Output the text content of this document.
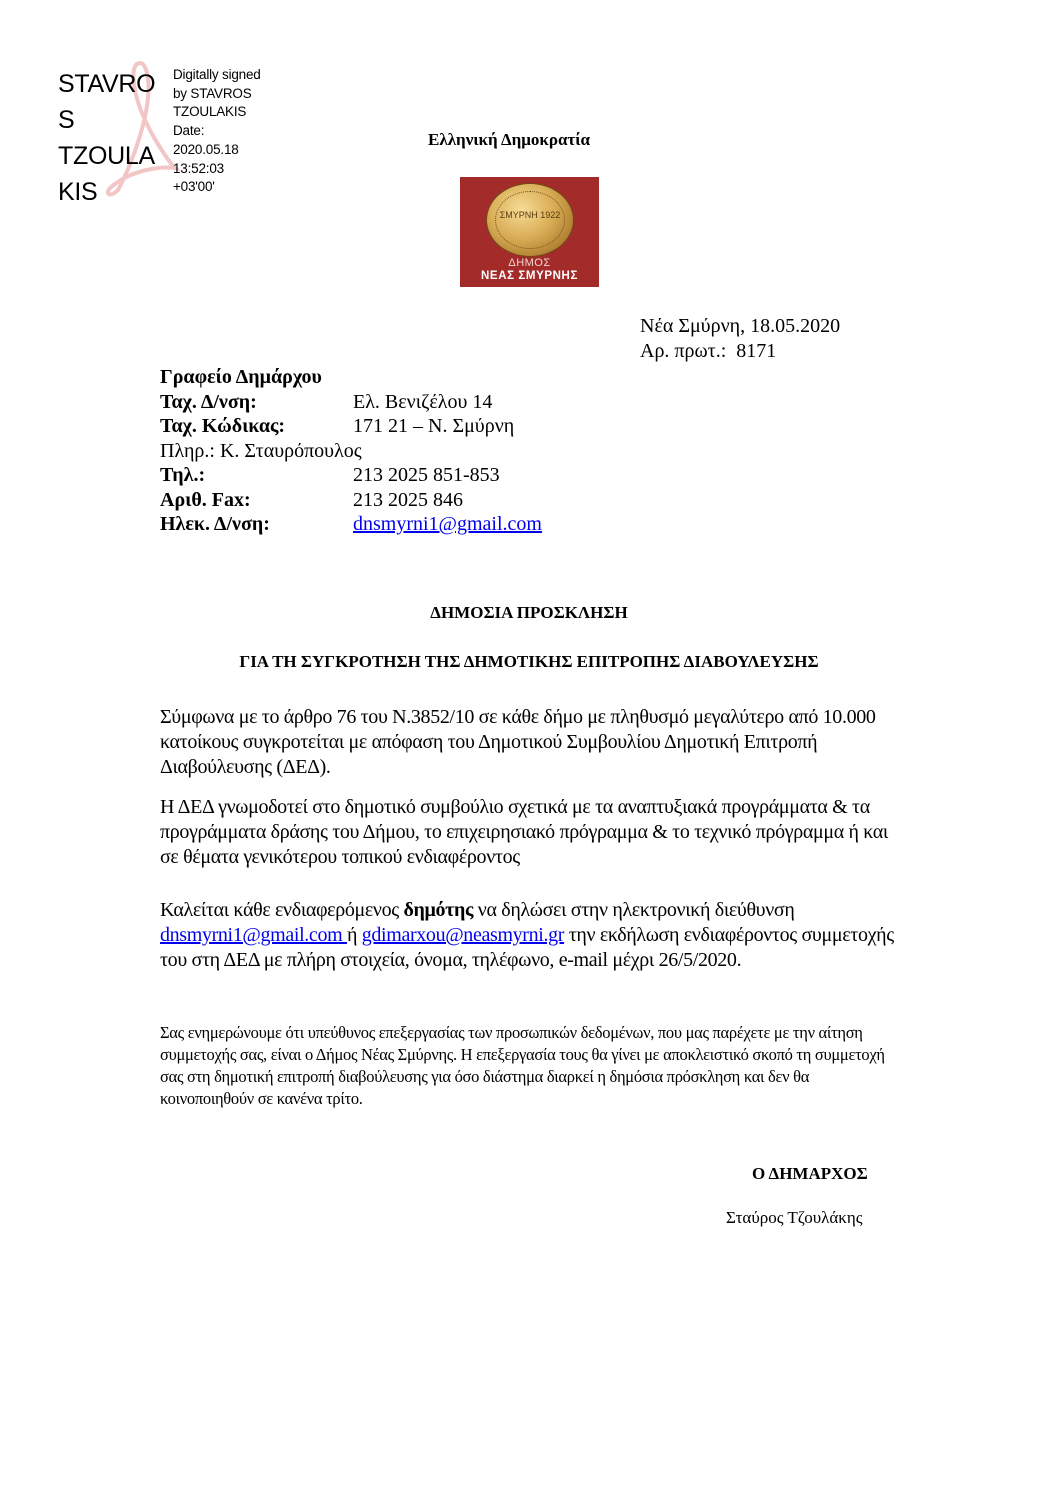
STAVRO
S
TZOULA
KIS
Digitally signed
by STAVROS
TZOULAKIS
Date:
2020.05.18
13:52:03
+03'00'
Ελληνική Δημοκρατία
ΣΜΥΡΝΗ 1922
ΔΗΜΟΣ
ΝΕΑΣ ΣΜΥΡΝΗΣ
Νέα Σμύρνη, 18.05.2020
Αρ. πρωτ.: 8171
Γραφείο Δημάρχου
Ταχ. Δ/νση:	Ελ. Βενιζέλου 14
Ταχ. Κώδικας:	171 21 – Ν. Σμύρνη
Πληρ.: Κ. Σταυρόπουλος
Τηλ.:	213 2025 851-853
Αριθ. Fax:	213 2025 846
Ηλεκ. Δ/νση:	dnsmyrni1@gmail.com
ΔΗΜΟΣΙΑ ΠΡΟΣΚΛΗΣΗ
ΓΙΑ ΤΗ ΣΥΓΚΡΟΤΗΣΗ ΤΗΣ ΔΗΜΟΤΙΚΗΣ ΕΠΙΤΡΟΠΗΣ ΔΙΑΒΟΥΛΕΥΣΗΣ
Σύμφωνα με το άρθρο 76 του Ν.3852/10 σε κάθε δήμο με πληθυσμό μεγαλύτερο από 10.000 κατοίκους συγκροτείται με απόφαση του Δημοτικού Συμβουλίου Δημοτική Επιτροπή Διαβούλευσης (ΔΕΔ).
Η ΔΕΔ γνωμοδοτεί στο δημοτικό συμβούλιο σχετικά με τα αναπτυξιακά προγράμματα & τα προγράμματα δράσης του Δήμου, το επιχειρησιακό πρόγραμμα & το τεχνικό πρόγραμμα ή και σε θέματα γενικότερου τοπικού ενδιαφέροντος
Καλείται κάθε ενδιαφερόμενος δημότης να δηλώσει στην ηλεκτρονική διεύθυνση
dnsmyrni1@gmail.com ή gdimarxou@neasmyrni.gr την εκδήλωση ενδιαφέροντος συμμετοχής του στη ΔΕΔ με πλήρη στοιχεία, όνομα, τηλέφωνο, e-mail μέχρι 26/5/2020.
Σας ενημερώνουμε ότι υπεύθυνος επεξεργασίας των προσωπικών δεδομένων, που μας παρέχετε με την αίτηση συμμετοχής σας, είναι ο Δήμος Νέας Σμύρνης. Η επεξεργασία τους θα γίνει με αποκλειστικό σκοπό τη συμμετοχή σας στη δημοτική επιτροπή διαβούλευσης για όσο διάστημα διαρκεί η δημόσια πρόσκληση και δεν θα κοινοποιηθούν σε κανένα τρίτο.
Ο ΔΗΜΑΡΧΟΣ
Σταύρος Τζουλάκης
